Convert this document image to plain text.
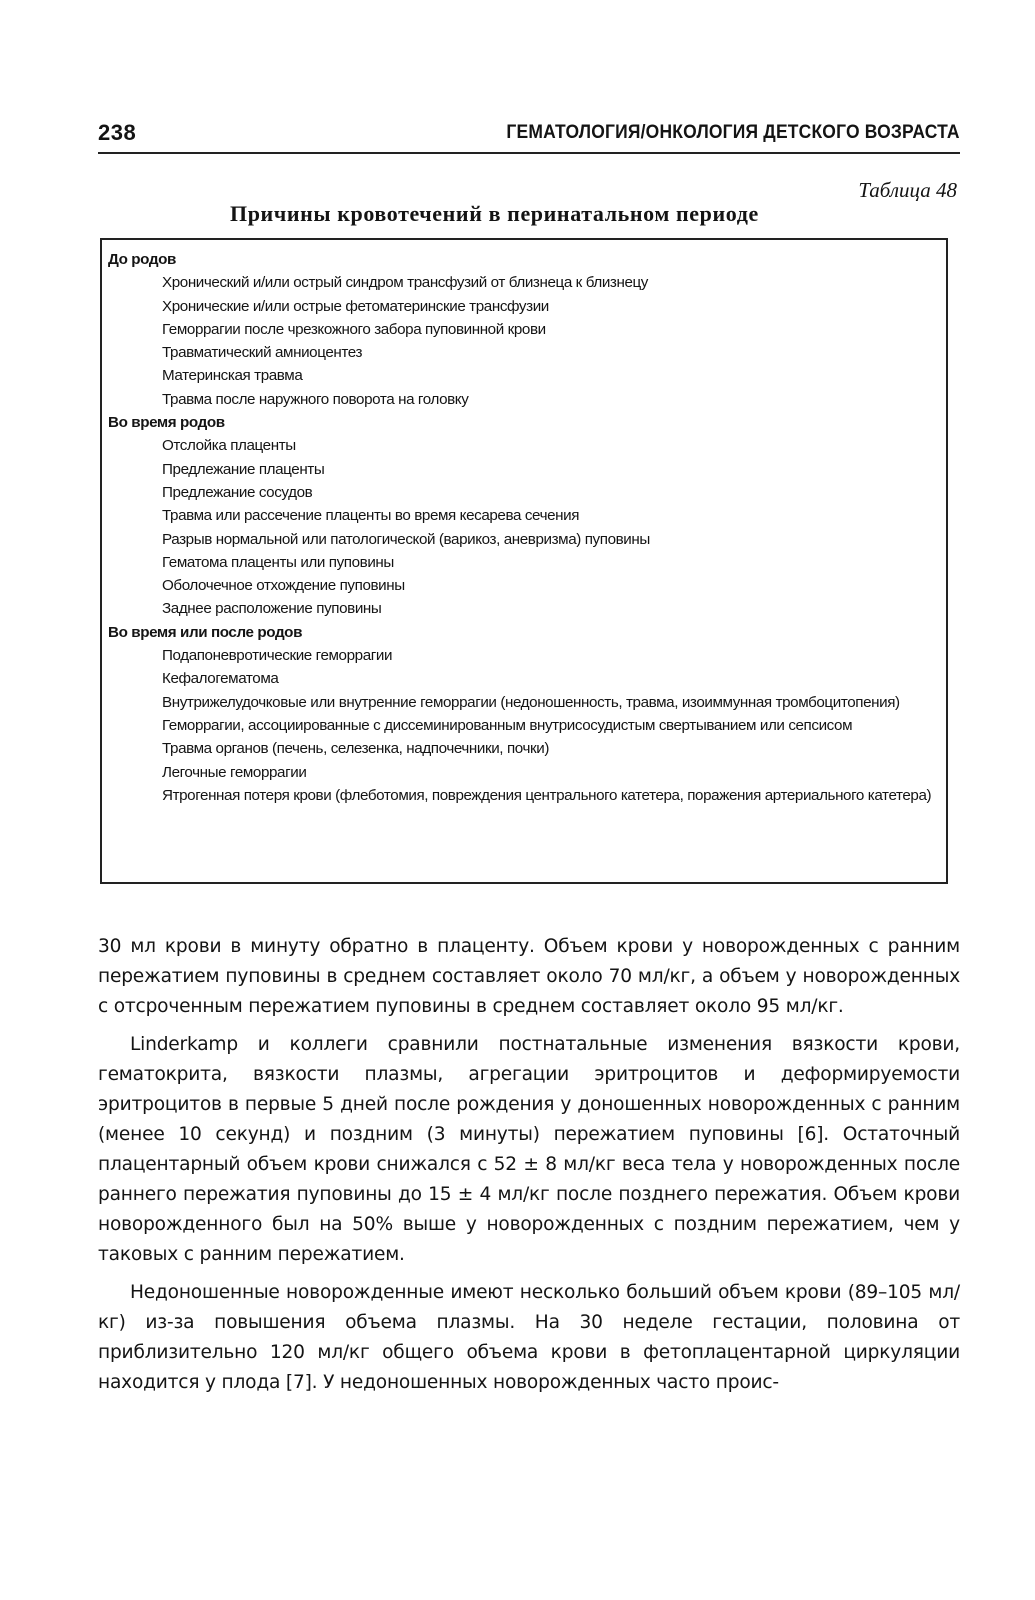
238	ГЕМАТОЛОГИЯ/ОНКОЛОГИЯ ДЕТСКОГО ВОЗРАСТА
Таблица 48
Причины кровотечений в перинатальном периоде
До родов
Хронический и/или острый синдром трансфузий от близнеца к близнецу
Хронические и/или острые фетоматеринские трансфузии
Геморрагии после чрезкожного забора пуповинной крови
Травматический амниоцентез
Материнская травма
Травма после наружного поворота на головку
Во время родов
Отслойка плаценты
Предлежание плаценты
Предлежание сосудов
Травма или рассечение плаценты во время кесарева сечения
Разрыв нормальной или патологической (варикоз, аневризма) пуповины
Гематома плаценты или пуповины
Оболочечное отхождение пуповины
Заднее расположение пуповины
Во время или после родов
Подапоневротические геморрагии
Кефалогематома
Внутрижелудочковые или внутренние геморрагии (недоношенность, травма, изоиммунная тромбоцитопения)
Геморрагии, ассоциированные с диссеминированным внутрисосудистым свертыванием или сепсисом
Травма органов (печень, селезенка, надпочечники, почки)
Легочные геморрагии
Ятрогенная потеря крови (флеботомия, повреждения центрального катетера, поражения артериального катетера)

30 мл крови в минуту обратно в плаценту. Объем крови у новорожденных с ранним пережатием пуповины в среднем составляет около 70 мл/кг, а объем у новорожденных с отсроченным пережатием пуповины в среднем составляет около 95 мл/кг.

Linderkamp и коллеги сравнили постнатальные изменения вязкости крови, гематокрита, вязкости плазмы, агрегации эритроцитов и деформируемости эритроцитов в первые 5 дней после рождения у доношенных новорожденных с ранним (менее 10 секунд) и поздним (3 минуты) пережатием пуповины [6]. Остаточный плацентарный объем крови снижался с 52 ± 8 мл/кг веса тела у новорожденных после раннего пережатия пуповины до 15 ± 4 мл/кг после позднего пережатия. Объем крови новорожденного был на 50% выше у новорожденных с поздним пережатием, чем у таковых с ранним пережатием.

Недоношенные новорожденные имеют несколько больший объем крови (89–105 мл/кг) из-за повышения объема плазмы. На 30 неделе гестации, половина от приблизительно 120 мл/кг общего объема крови в фетоплацентарной циркуляции находится у плода [7]. У недоношенных новорожденных часто проис-
